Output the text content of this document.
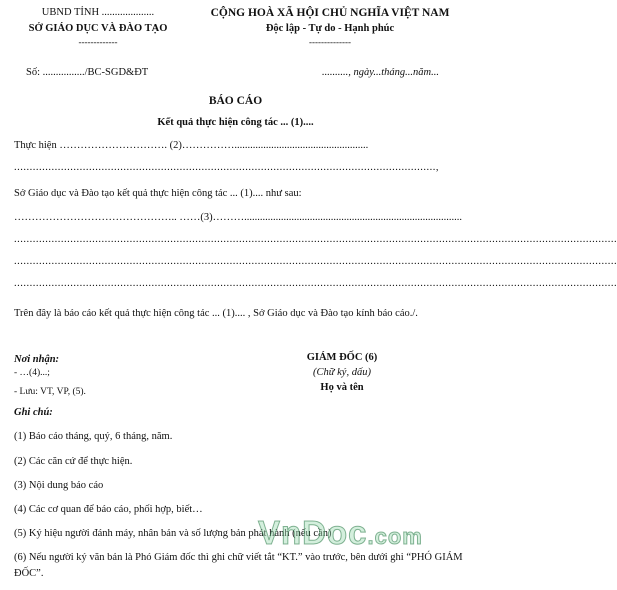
UBND TỈNH ....................
SỞ GIÁO DỤC VÀ ĐÀO TẠO
-------------
CỘNG HOÀ XÃ HỘI CHỦ NGHĨA VIỆT NAM
Độc lập - Tự do - Hạnh phúc
--------------
Số: ................/BC-SGD&ĐT	.........., ngày...tháng...năm...
BÁO CÁO
Kết quả thực hiện công tác ... (1)....
Thực hiện …………………………. (2)……………...................................................
.......................................................................................................................................,
Sở Giáo dục và Đào tạo kết quả thực hiện công tác ... (1).... như sau:
……………………………………….. ……(3)………...................................................................................
.................................................................................................................................................................................................
.................................................................................................................................................................................................
.................................................................................................................................................................................................
Trên đây là báo cáo kết quả thực hiện công tác ... (1).... , Sở Giáo dục và Đào tạo kính báo cáo./.
Nơi nhận:
- …(4)...;
- Lưu: VT, VP, (5).
GIÁM ĐỐC (6)
(Chữ ký, dấu)
Họ và tên
Ghi chú:
(1) Báo cáo tháng, quý, 6 tháng, năm.
(2) Các căn cứ để thực hiện.
(3) Nội dung báo cáo
(4) Các cơ quan để báo cáo, phối hợp, biết…
(5) Ký hiệu người đánh máy, nhân bản và số lượng bản phát hành (nếu cần)
(6) Nếu người ký văn bản là Phó Giám đốc thì ghi chữ viết tắt “KT.” vào trước, bên dưới ghi “PHÓ GIÁM ĐỐC”.
VnDoc.com
